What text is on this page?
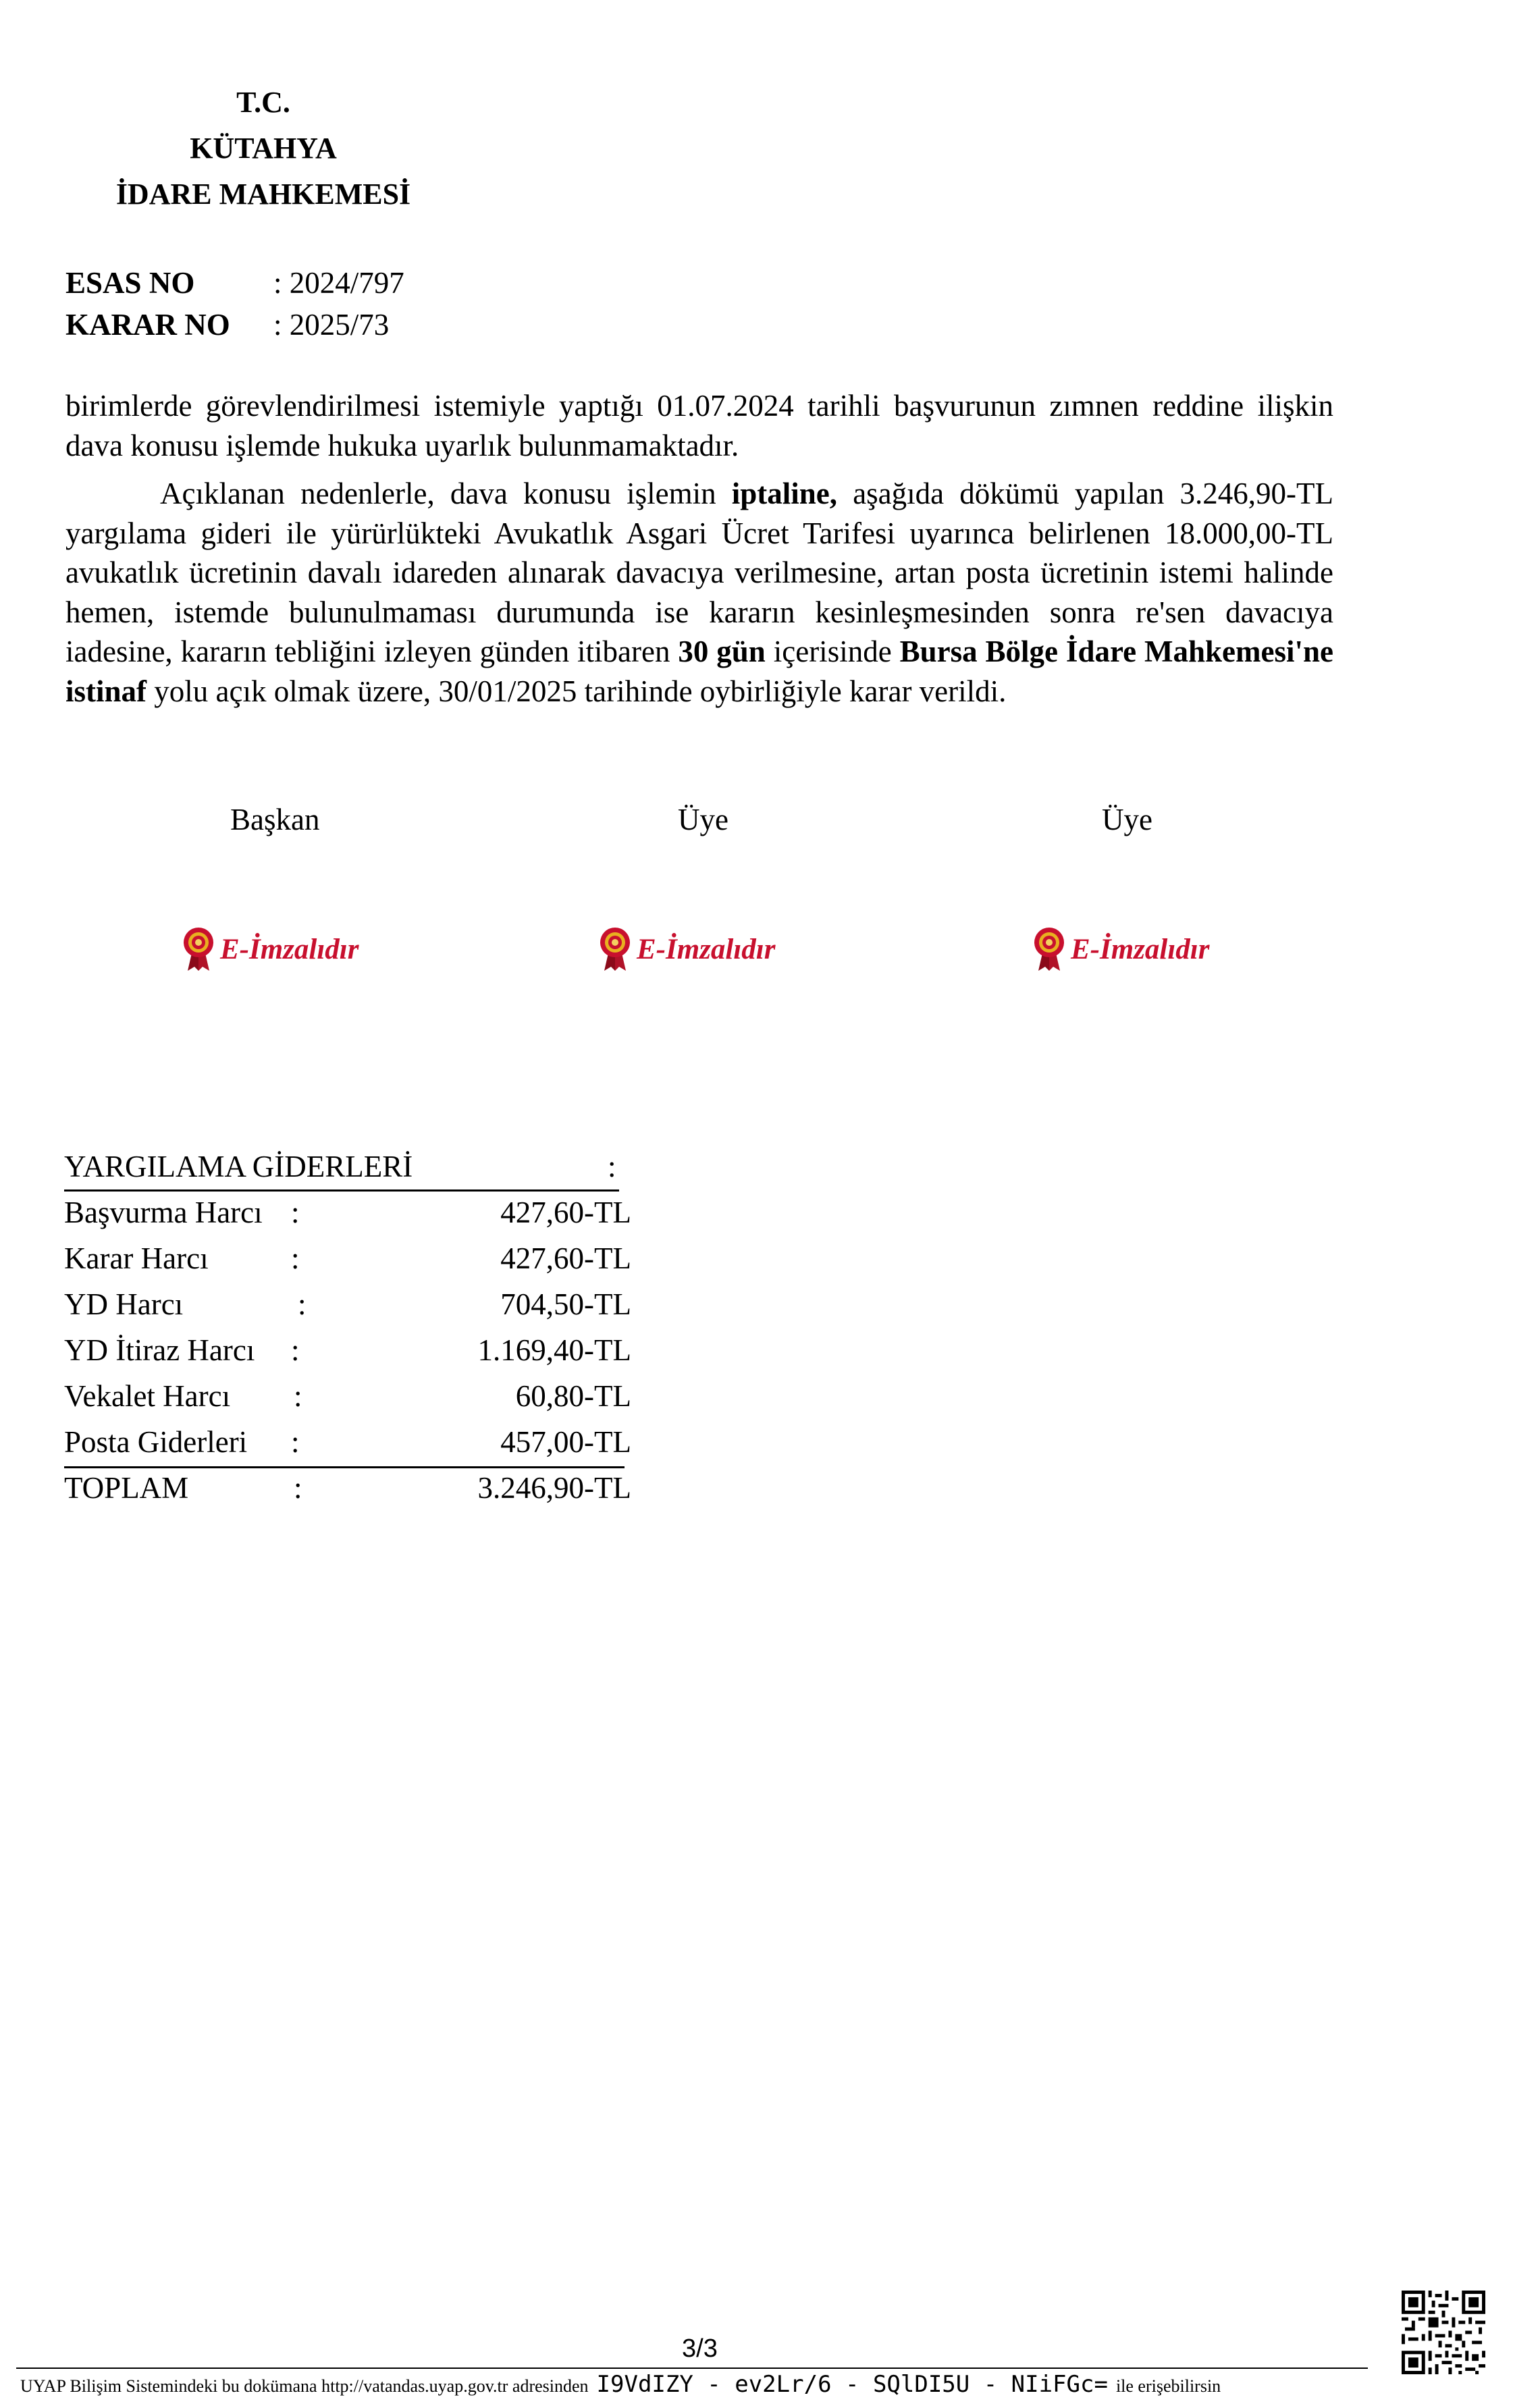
T.C.
KÜTAHYA
İDARE MAHKEMESİ
ESAS NO	: 2024/797
KARAR NO : 2025/73
birimlerde görevlendirilmesi istemiyle yaptığı 01.07.2024 tarihli başvurunun zımnen reddine ilişkin dava konusu işlemde hukuka uyarlık bulunmamaktadır.
Açıklanan nedenlerle, dava konusu işlemin iptaline, aşağıda dökümü yapılan 3.246,90-TL yargılama gideri ile yürürlükteki Avukatlık Asgari Ücret Tarifesi uyarınca belirlenen 18.000,00-TL avukatlık ücretinin davalı idareden alınarak davacıya verilmesine, artan posta ücretinin istemi halinde hemen, istemde bulunulmaması durumunda ise kararın kesinleşmesinden sonra re'sen davacıya iadesine, kararın tebliğini izleyen günden itibaren 30 gün içerisinde Bursa Bölge İdare Mahkemesi'ne istinaf yolu açık olmak üzere, 30/01/2025 tarihinde oybirliğiyle karar verildi.
Başkan	Üye	Üye
E-İmzalıdır	E-İmzalıdır	E-İmzalıdır
YARGILAMA GİDERLERİ	:
Başvurma Harcı :	427,60-TL
Karar Harcı	:	427,60-TL
YD Harcı	:	704,50-TL
YD İtiraz Harcı :	1.169,40-TL
Vekalet Harcı :	60,80-TL
Posta Giderleri :	457,00-TL
TOPLAM	:	3.246,90-TL
3/3
UYAP Bilişim Sistemindeki bu dokümana http://vatandas.uyap.gov.tr adresinden I9VdIZY - ev2Lr/6 - SQlDI5U - NIiFGc= ile erişebilirsin
